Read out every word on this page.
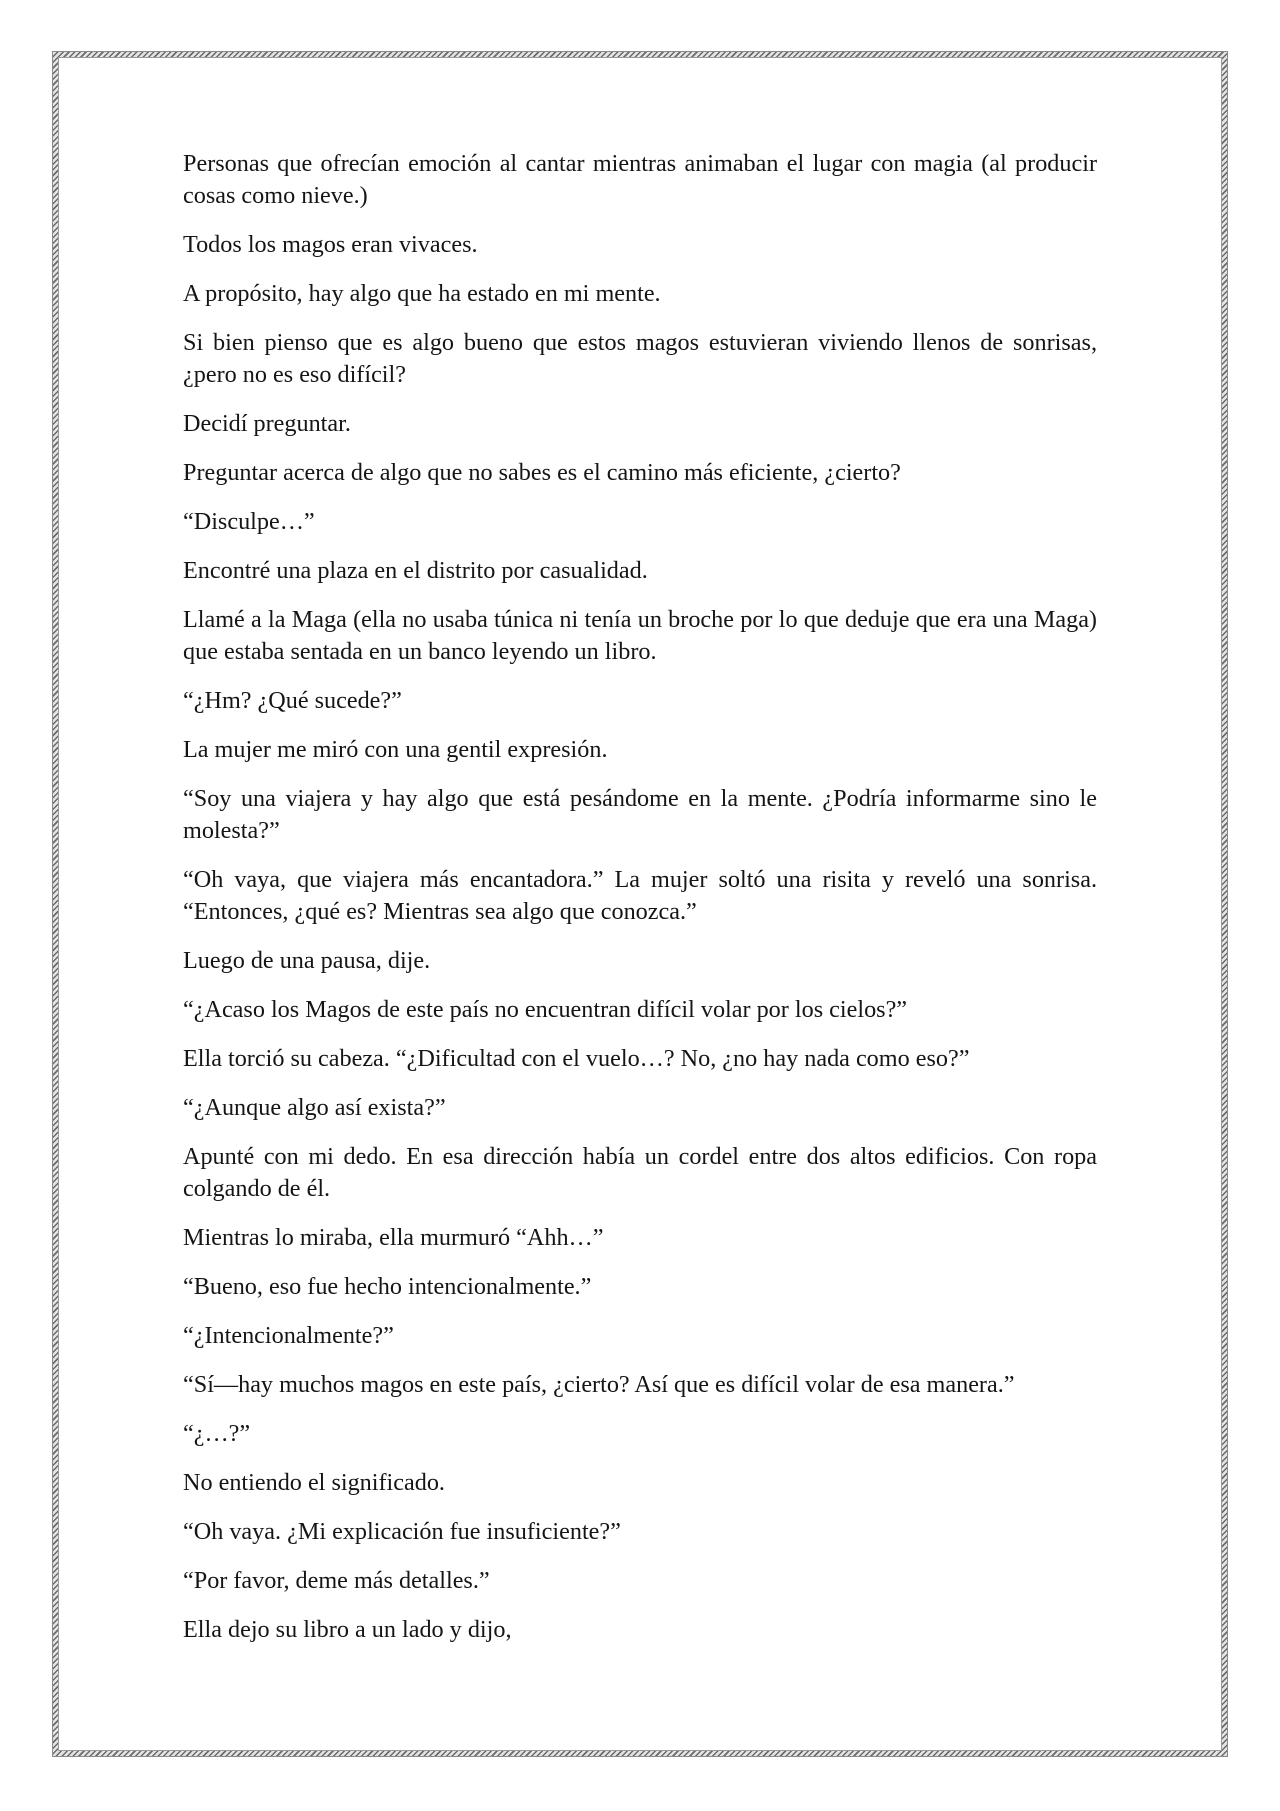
Personas que ofrecían emoción al cantar mientras animaban el lugar con magia (al producir cosas como nieve.)

Todos los magos eran vivaces.

A propósito, hay algo que ha estado en mi mente.

Si bien pienso que es algo bueno que estos magos estuvieran viviendo llenos de sonrisas, ¿pero no es eso difícil?

Decidí preguntar.

Preguntar acerca de algo que no sabes es el camino más eficiente, ¿cierto?

“Disculpe…”

Encontré una plaza en el distrito por casualidad.

Llamé a la Maga (ella no usaba túnica ni tenía un broche por lo que deduje que era una Maga) que estaba sentada en un banco leyendo un libro.

“¿Hm? ¿Qué sucede?”

La mujer me miró con una gentil expresión.

“Soy una viajera y hay algo que está pesándome en la mente. ¿Podría informarme sino le molesta?”

“Oh vaya, que viajera más encantadora.” La mujer soltó una risita y reveló una sonrisa. “Entonces, ¿qué es? Mientras sea algo que conozca.”

Luego de una pausa, dije.

“¿Acaso los Magos de este país no encuentran difícil volar por los cielos?”

Ella torció su cabeza. “¿Dificultad con el vuelo…? No, ¿no hay nada como eso?”

“¿Aunque algo así exista?”

Apunté con mi dedo. En esa dirección había un cordel entre dos altos edificios. Con ropa colgando de él.

Mientras lo miraba, ella murmuró “Ahh…”

“Bueno, eso fue hecho intencionalmente.”

“¿Intencionalmente?”

“Sí—hay muchos magos en este país, ¿cierto? Así que es difícil volar de esa manera.”

“¿…?”

No entiendo el significado.

“Oh vaya. ¿Mi explicación fue insuficiente?”

“Por favor, deme más detalles.”

Ella dejo su libro a un lado y dijo,
